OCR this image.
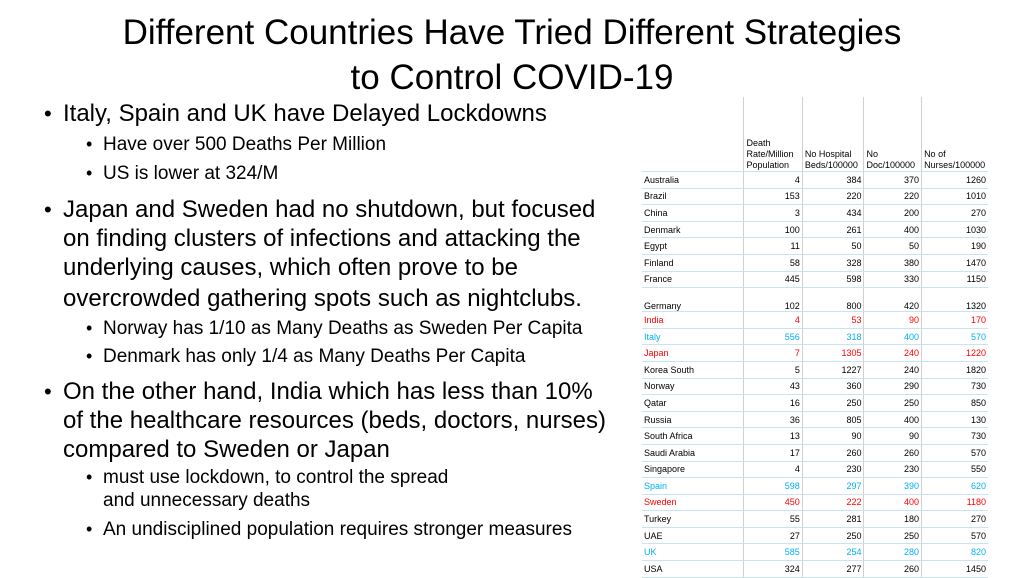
Different Countries Have Tried Different Strategies
to Control COVID-19
• Italy, Spain and UK have Delayed Lockdowns
• Have over 500 Deaths Per Million
• US is lower at 324/M
• Japan and Sweden had no shutdown, but focused
on finding clusters of infections and attacking the
underlying causes, which often prove to be
overcrowded gathering spots such as nightclubs.
• Norway has 1/10 as Many Deaths as Sweden Per Capita
• Denmark has only 1/4 as Many Deaths Per Capita
• On the other hand, India which has less than 10%
of the healthcare resources (beds, doctors, nurses)
compared to Sweden or Japan
• must use lockdown, to control the spread
and unnecessary deaths
• An undisciplined population requires stronger measures
	Death Rate/Million Population	No Hospital Beds/100000	No Doc/100000	No of Nurses/100000
Australia	4	384	370	1260
Brazil	153	220	220	1010
China	3	434	200	270
Denmark	100	261	400	1030
Egypt	11	50	50	190
Finland	58	328	380	1470
France	445	598	330	1150
Germany	102	800	420	1320
India	4	53	90	170
Italy	556	318	400	570
Japan	7	1305	240	1220
Korea South	5	1227	240	1820
Norway	43	360	290	730
Qatar	16	250	250	850
Russia	36	805	400	130
South Africa	13	90	90	730
Saudi Arabia	17	260	260	570
Singapore	4	230	230	550
Spain	598	297	390	620
Sweden	450	222	400	1180
Turkey	55	281	180	270
UAE	27	250	250	570
UK	585	254	280	820
USA	324	277	260	1450
